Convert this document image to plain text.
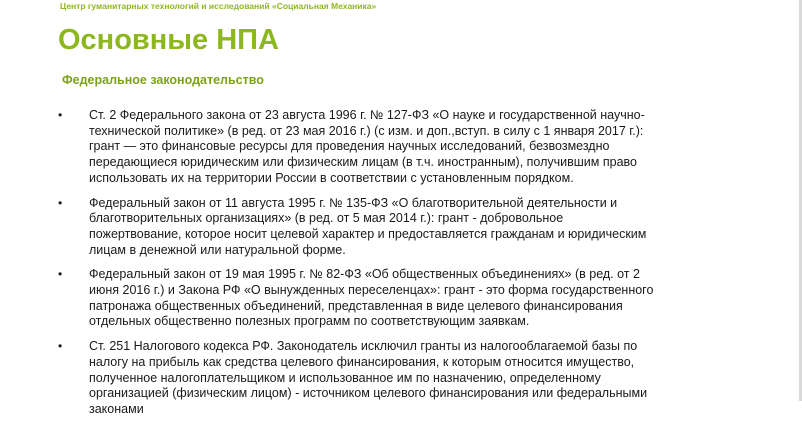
Центр гуманитарных технологий и исследований «Социальная Механика»
Основные НПА
Федеральное законодательство
• Ст. 2 Федерального закона от 23 августа 1996 г. № 127-ФЗ «О науке и государственной научно-
технической политике» (в ред. от 23 мая 2016 г.) (с изм. и доп.,вступ. в силу с 1 января 2017 г.):
грант — это финансовые ресурсы для проведения научных исследований, безвозмездно
передающиеся юридическим или физическим лицам (в т.ч. иностранным), получившим право
использовать их на территории России в соответствии с установленным порядком.
• Федеральный закон от 11 августа 1995 г. № 135-ФЗ «О благотворительной деятельности и
благотворительных организациях» (в ред. от 5 мая 2014 г.): грант - добровольное
пожертвование, которое носит целевой характер и предоставляется гражданам и юридическим
лицам в денежной или натуральной форме.
• Федеральный закон от 19 мая 1995 г. № 82-ФЗ «Об общественных объединениях» (в ред. от 2
июня 2016 г.) и Закона РФ «О вынужденных переселенцах»: грант - это форма государственного
патронажа общественных объединений, представленная в виде целевого финансирования
отдельных общественно полезных программ по соответствующим заявкам.
• Ст. 251 Налогового кодекса РФ. Законодатель исключил гранты из налогооблагаемой базы по
налогу на прибыль как средства целевого финансирования, к которым относится имущество,
полученное налогоплательщиком и использованное им по назначению, определенному
организацией (физическим лицом) - источником целевого финансирования или федеральными
законами
